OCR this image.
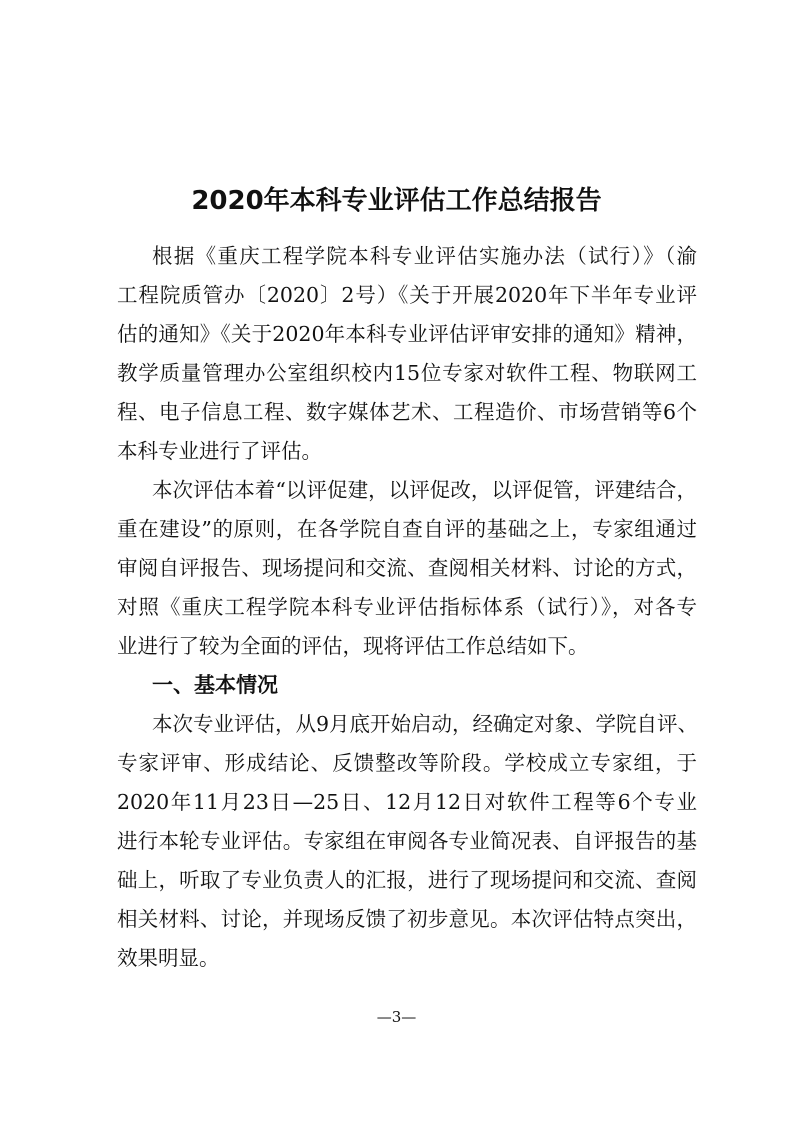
2020年本科专业评估工作总结报告
根据《重庆工程学院本科专业评估实施办法（试行）》（渝
工程院质管办〔2020〕2号）《关于开展2020年下半年专业评
估的通知》《关于2020年本科专业评估评审安排的通知》精神，
教学质量管理办公室组织校内15位专家对软件工程、物联网工
程、电子信息工程、数字媒体艺术、工程造价、市场营销等6个
本科专业进行了评估。
本次评估本着“以评促建，以评促改，以评促管，评建结合，
重在建设”的原则，在各学院自查自评的基础之上，专家组通过
审阅自评报告、现场提问和交流、查阅相关材料、讨论的方式，
对照《重庆工程学院本科专业评估指标体系（试行）》，对各专
业进行了较为全面的评估，现将评估工作总结如下。
一、基本情况
本次专业评估，从9月底开始启动，经确定对象、学院自评、
专家评审、形成结论、反馈整改等阶段。学校成立专家组，于
2020年11月23日—25日、12月12日对软件工程等6个专业
进行本轮专业评估。专家组在审阅各专业简况表、自评报告的基
础上，听取了专业负责人的汇报，进行了现场提问和交流、查阅
相关材料、讨论，并现场反馈了初步意见。本次评估特点突出，
效果明显。
—3—
